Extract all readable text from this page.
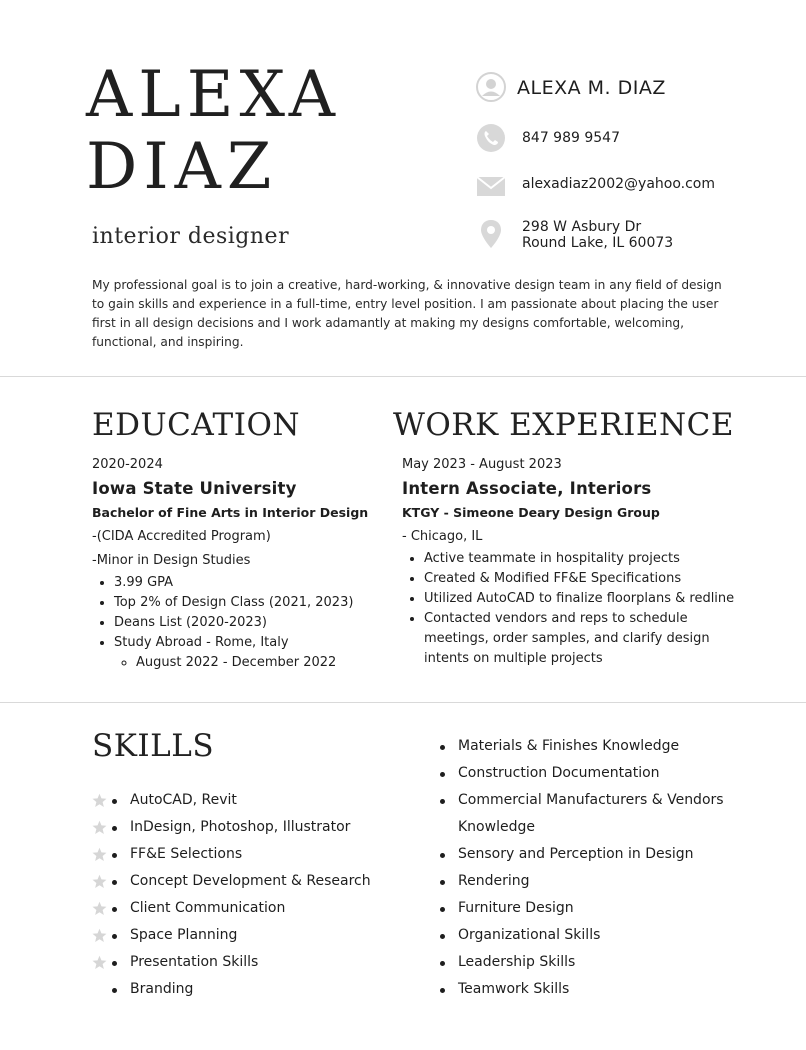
ALEXA
DIAZ
interior designer
ALEXA M. DIAZ
847 989 9547
alexadiaz2002@yahoo.com
298 W Asbury Dr
Round Lake, IL 60073
My professional goal is to join a creative, hard-working, & innovative design team in any field of design to gain skills and experience in a full-time, entry level position. I am passionate about placing the user first in all design decisions and I work adamantly at making my designs comfortable, welcoming, functional, and inspiring.
EDUCATION
2020-2024
Iowa State University
Bachelor of Fine Arts in Interior Design
-(CIDA Accredited Program)
-Minor in Design Studies
• 3.99 GPA
• Top 2% of Design Class (2021, 2023)
• Deans List (2020-2023)
• Study Abroad - Rome, Italy
◦ August 2022 - December 2022
WORK EXPERIENCE
May 2023 - August 2023
Intern Associate, Interiors
KTGY - Simeone Deary Design Group
- Chicago, IL
• Active teammate in hospitality projects
• Created & Modified FF&E Specifications
• Utilized AutoCAD to finalize floorplans & redline
• Contacted vendors and reps to schedule meetings, order samples, and clarify design intents on multiple projects
SKILLS
AutoCAD, Revit
InDesign, Photoshop, Illustrator
FF&E Selections
Concept Development & Research
Client Communication
Space Planning
Presentation Skills
Branding
Materials & Finishes Knowledge
Construction Documentation
Commercial Manufacturers & Vendors
Knowledge
Sensory and Perception in Design
Rendering
Furniture Design
Organizational Skills
Leadership Skills
Teamwork Skills
